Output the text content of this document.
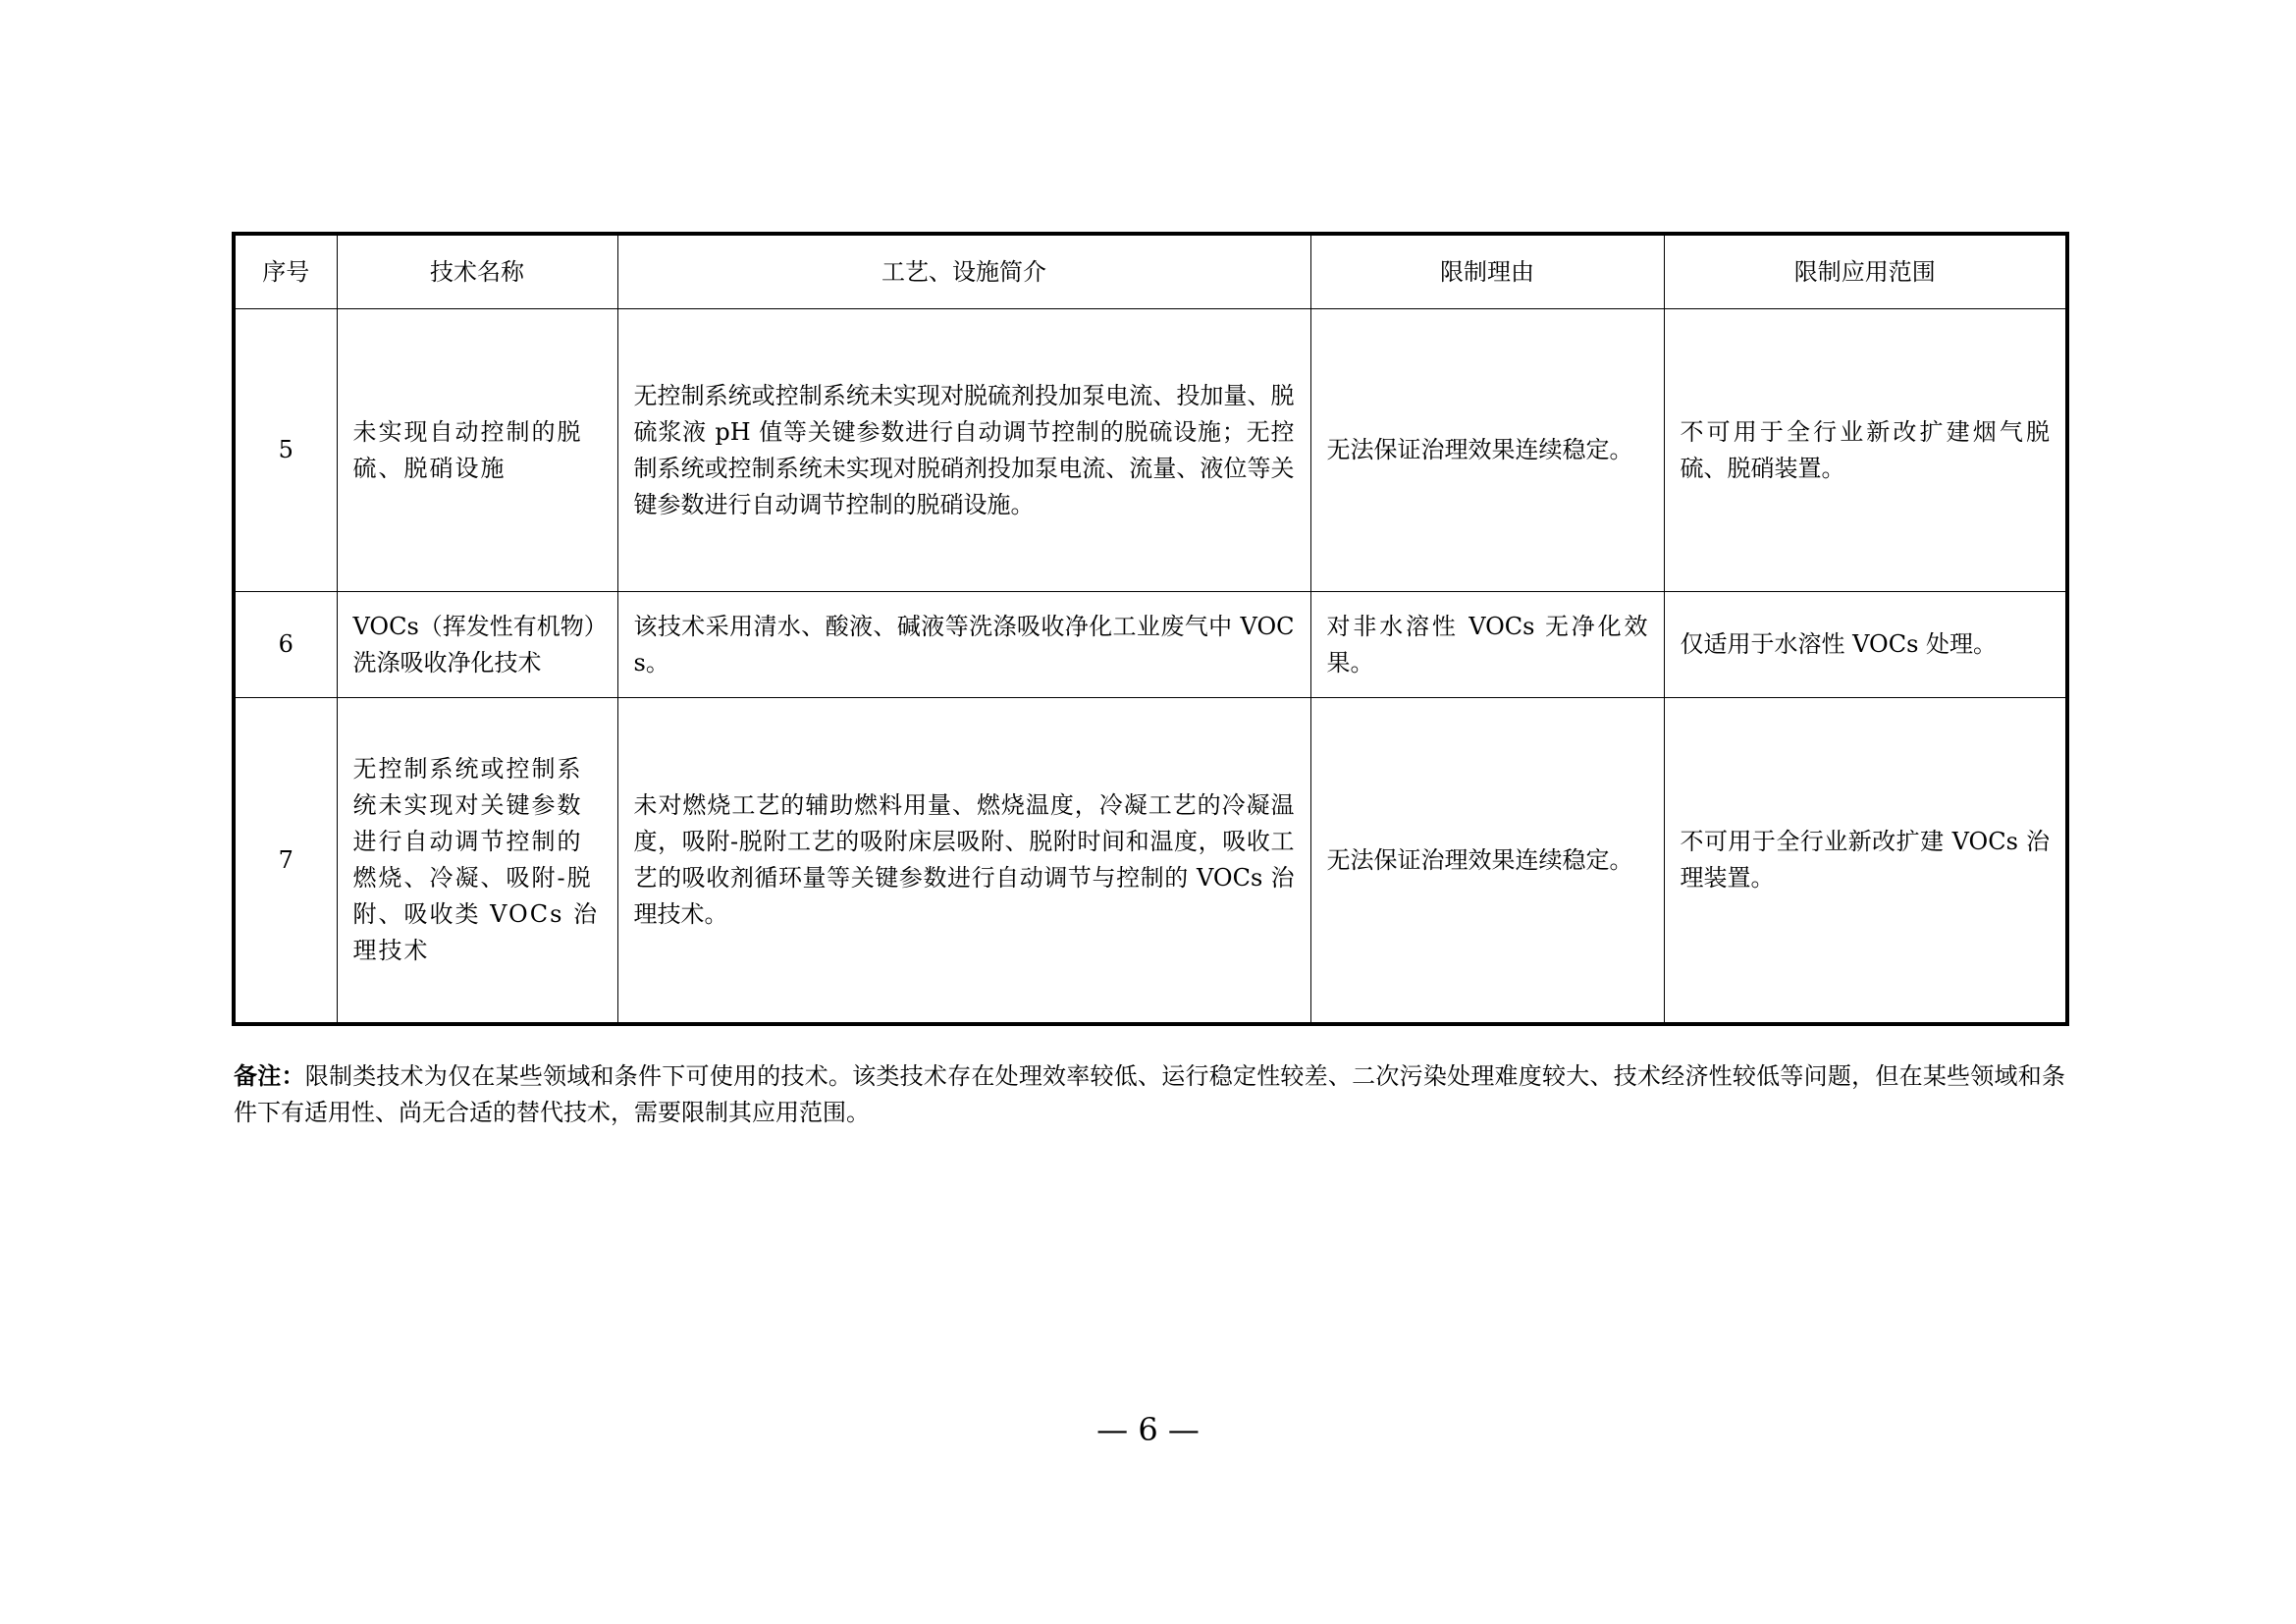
序号	技术名称	工艺、设施简介	限制理由	限制应用范围
5	未实现自动控制的脱硫、脱硝设施	无控制系统或控制系统未实现对脱硫剂投加泵电流、投加量、脱硫浆液 pH 值等关键参数进行自动调节控制的脱硫设施；无控制系统或控制系统未实现对脱硝剂投加泵电流、流量、液位等关键参数进行自动调节控制的脱硝设施。	无法保证治理效果连续稳定。	不可用于全行业新改扩建烟气脱硫、脱硝装置。
6	VOCs（挥发性有机物）洗涤吸收净化技术	该技术采用清水、酸液、碱液等洗涤吸收净化工业废气中 VOCs。	对非水溶性 VOCs 无净化效果。	仅适用于水溶性 VOCs 处理。
7	无控制系统或控制系统未实现对关键参数进行自动调节控制的燃烧、冷凝、吸附-脱附、吸收类 VOCs 治理技术	未对燃烧工艺的辅助燃料用量、燃烧温度，冷凝工艺的冷凝温度，吸附-脱附工艺的吸附床层吸附、脱附时间和温度，吸收工艺的吸收剂循环量等关键参数进行自动调节与控制的 VOCs 治理技术。	无法保证治理效果连续稳定。	不可用于全行业新改扩建 VOCs 治理装置。
备注：限制类技术为仅在某些领域和条件下可使用的技术。该类技术存在处理效率较低、运行稳定性较差、二次污染处理难度较大、技术经济性较低等问题，但在某些领域和条件下有适用性、尚无合适的替代技术，需要限制其应用范围。
— 6 —
